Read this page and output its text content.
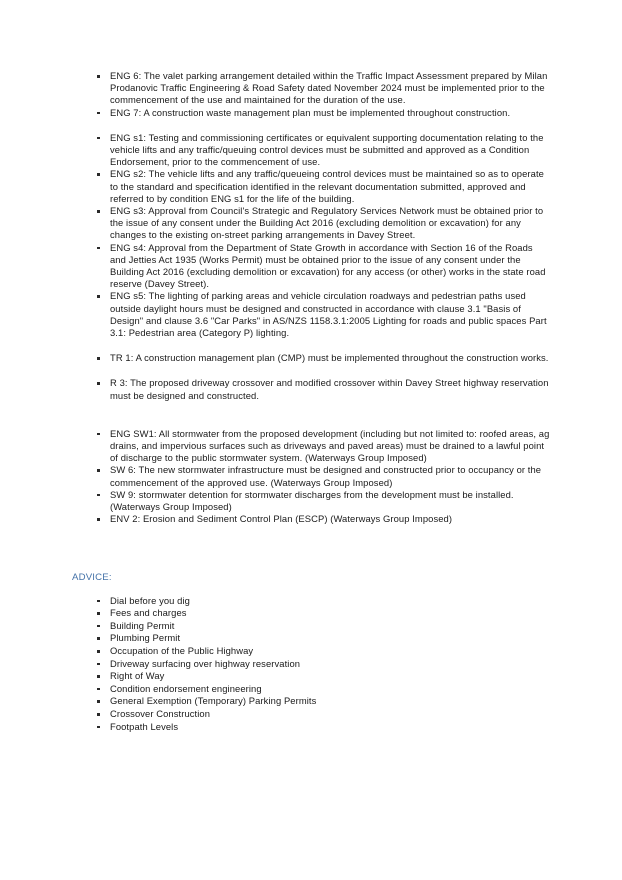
ENG 6: The valet parking arrangement detailed within the Traffic Impact Assessment prepared by Milan Prodanovic Traffic Engineering & Road Safety dated November 2024 must be implemented prior to the commencement of the use and maintained for the duration of the use.
ENG 7: A construction waste management plan must be implemented throughout construction.
ENG s1: Testing and commissioning certificates or equivalent supporting documentation relating to the vehicle lifts and any traffic/queuing control devices must be submitted and approved as a Condition Endorsement, prior to the commencement of use.
ENG s2: The vehicle lifts and any traffic/queueing control devices must be maintained so as to operate to the standard and specification identified in the relevant documentation submitted, approved and referred to by condition ENG s1 for the life of the building.
ENG s3: Approval from Council's Strategic and Regulatory Services Network must be obtained prior to the issue of any consent under the Building Act 2016 (excluding demolition or excavation) for any changes to the existing on-street parking arrangements in Davey Street.
ENG s4: Approval from the Department of State Growth in accordance with Section 16 of the Roads and Jetties Act 1935 (Works Permit) must be obtained prior to the issue of any consent under the Building Act 2016 (excluding demolition or excavation) for any access (or other) works in the state road reserve (Davey Street).
ENG s5: The lighting of parking areas and vehicle circulation roadways and pedestrian paths used outside daylight hours must be designed and constructed in accordance with clause 3.1 "Basis of Design" and clause 3.6 "Car Parks" in AS/NZS 1158.3.1:2005 Lighting for roads and public spaces Part 3.1: Pedestrian area (Category P) lighting.
TR 1: A construction management plan (CMP) must be implemented throughout the construction works.
R 3: The proposed driveway crossover and modified crossover within Davey Street highway reservation must be designed and constructed.
ENG SW1: All stormwater from the proposed development (including but not limited to: roofed areas, ag drains, and impervious surfaces such as driveways and paved areas) must be drained to a lawful point of discharge to the public stormwater system. (Waterways Group Imposed)
SW 6: The new stormwater infrastructure must be designed and constructed prior to occupancy or the commencement of the approved use. (Waterways Group Imposed)
SW 9: stormwater detention for stormwater discharges from the development must be installed. (Waterways Group Imposed)
ENV 2: Erosion and Sediment Control Plan (ESCP) (Waterways Group Imposed)

ADVICE:

Dial before you dig
Fees and charges
Building Permit
Plumbing Permit
Occupation of the Public Highway
Driveway surfacing over highway reservation
Right of Way
Condition endorsement engineering
General Exemption (Temporary) Parking Permits
Crossover Construction
Footpath Levels
